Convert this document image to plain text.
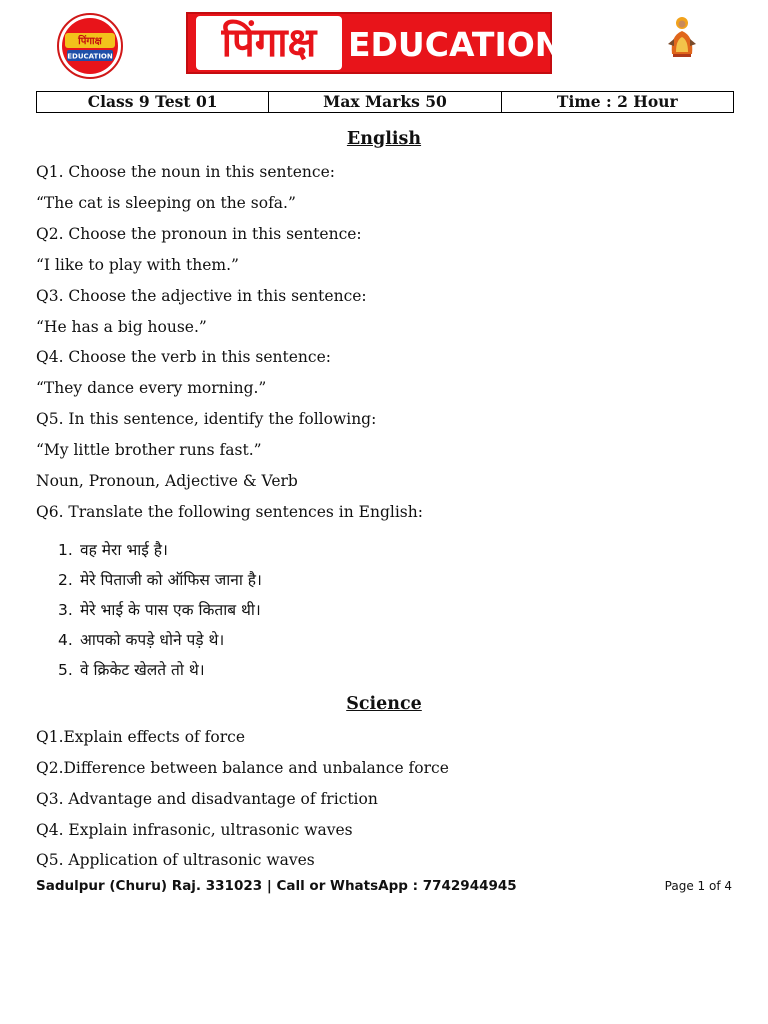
पिंगाक्ष
EDUCATION	पिंगाक्ष EDUCATION
Class 9 Test 01	Max Marks 50	Time : 2 Hour
English
Q1. Choose the noun in this sentence:
“The cat is sleeping on the sofa.”
Q2. Choose the pronoun in this sentence:
“I like to play with them.”
Q3. Choose the adjective in this sentence:
“He has a big house.”
Q4. Choose the verb in this sentence:
“They dance every morning.”
Q5. In this sentence, identify the following:
“My little brother runs fast.”
Noun, Pronoun, Adjective & Verb
Q6. Translate the following sentences in English:
1. वह मेरा भाई है।
2. मेरे पिताजी को ऑफिस जाना है।
3. मेरे भाई के पास एक किताब थी।
4. आपको कपड़े धोने पड़े थे।
5. वे क्रिकेट खेलते तो थे।
Science
Q1.Explain effects of force
Q2.Difference between balance and unbalance force
Q3. Advantage and disadvantage of friction
Q4. Explain infrasonic, ultrasonic waves
Q5. Application of ultrasonic waves
Sadulpur (Churu) Raj. 331023 | Call or WhatsApp : 7742944945	Page 1 of 4
